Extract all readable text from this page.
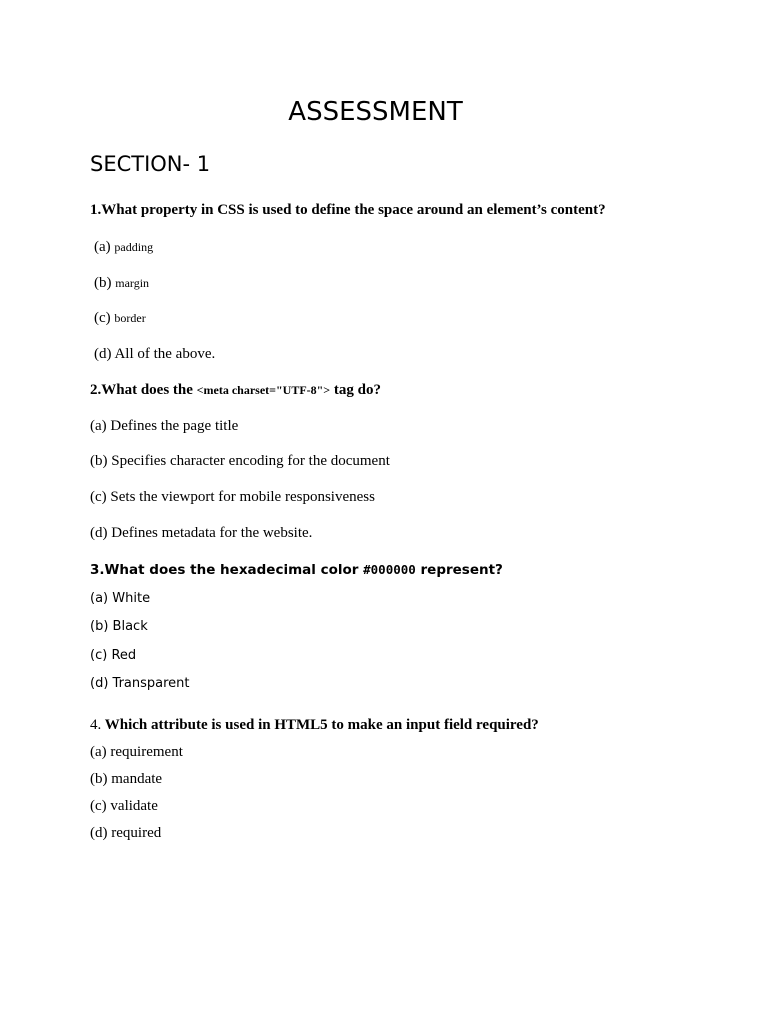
ASSESSMENT
SECTION- 1
1.What property in CSS is used to define the space around an element’s content?
(a) padding
(b) margin
(c) border
(d) All of the above.
2.What does the <meta charset="UTF-8"> tag do?
(a) Defines the page title
(b) Specifies character encoding for the document
(c) Sets the viewport for mobile responsiveness
(d) Defines metadata for the website.
3.What does the hexadecimal color #000000 represent?
(a) White
(b) Black
(c) Red
(d) Transparent
4. Which attribute is used in HTML5 to make an input field required?
(a) requirement
(b) mandate
(c) validate
(d) required
